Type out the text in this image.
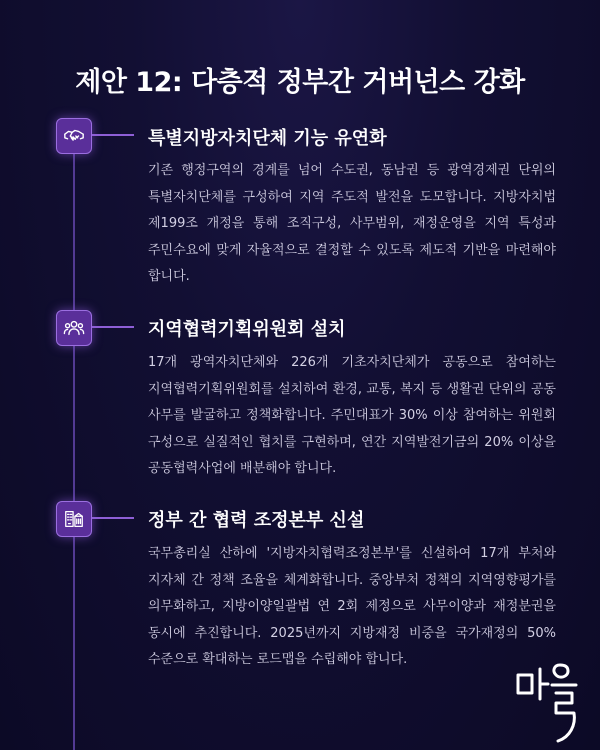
제안 12: 다층적 정부간 거버넌스 강화
특별지방자치단체 기능 유연화
기존 행정구역의 경계를 넘어 수도권, 동남권 등 광역경제권 단위의 특별자치단체를 구성하여 지역 주도적 발전을 도모합니다. 지방자치법 제199조 개정을 통해 조직구성, 사무범위, 재정운영을 지역 특성과 주민수요에 맞게 자율적으로 결정할 수 있도록 제도적 기반을 마련해야 합니다.
지역협력기획위원회 설치
17개 광역자치단체와 226개 기초자치단체가 공동으로 참여하는 지역협력기획위원회를 설치하여 환경, 교통, 복지 등 생활권 단위의 공동 사무를 발굴하고 정책화합니다. 주민대표가 30% 이상 참여하는 위원회 구성으로 실질적인 협치를 구현하며, 연간 지역발전기금의 20% 이상을 공동협력사업에 배분해야 합니다.
정부 간 협력 조정본부 신설
국무총리실 산하에 '지방자치협력조정본부'를 신설하여 17개 부처와 지자체 간 정책 조율을 체계화합니다. 중앙부처 정책의 지역영향평가를 의무화하고, 지방이양일괄법 연 2회 제정으로 사무이양과 재정분권을 동시에 추진합니다. 2025년까지 지방재정 비중을 국가재정의 50% 수준으로 확대하는 로드맵을 수립해야 합니다.
